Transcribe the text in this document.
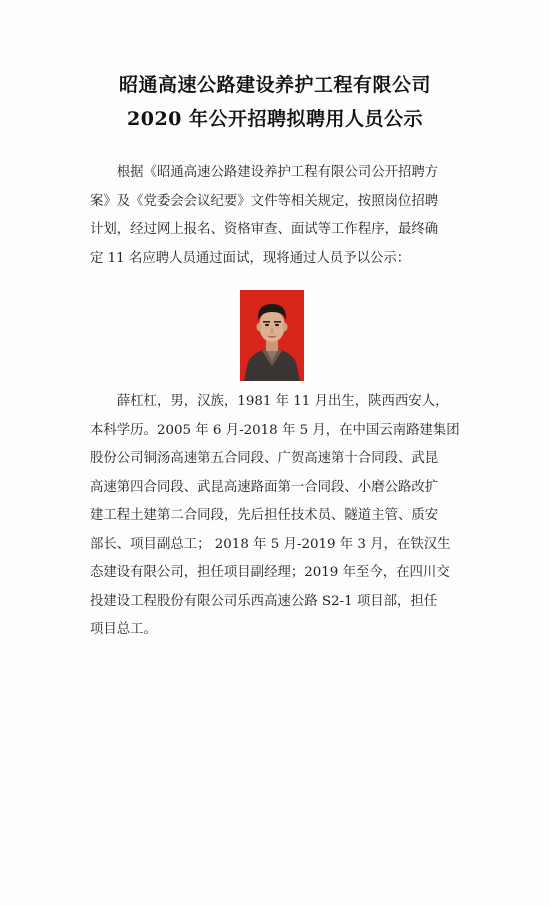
昭通高速公路建设养护工程有限公司
2020 年公开招聘拟聘用人员公示
　　根据《昭通高速公路建设养护工程有限公司公开招聘方
案》及《党委会会议纪要》文件等相关规定，按照岗位招聘
计划，经过网上报名、资格审查、面试等工作程序，最终确
定 11 名应聘人员通过面试，现将通过人员予以公示：
　　薛杠杠，男，汉族，1981 年 11 月出生，陕西西安人，
本科学历。2005 年 6 月-2018 年 5 月，在中国云南路建集团
股份公司铜汤高速第五合同段、广贺高速第十合同段、武昆
高速第四合同段、武昆高速路面第一合同段、小磨公路改扩
建工程土建第二合同段，先后担任技术员、隧道主管、质安
部长、项目副总工； 2018 年 5 月-2019 年 3 月，在铁汉生
态建设有限公司，担任项目副经理；2019 年至今，在四川交
投建设工程股份有限公司乐西高速公路 S2-1 项目部，担任
项目总工。
